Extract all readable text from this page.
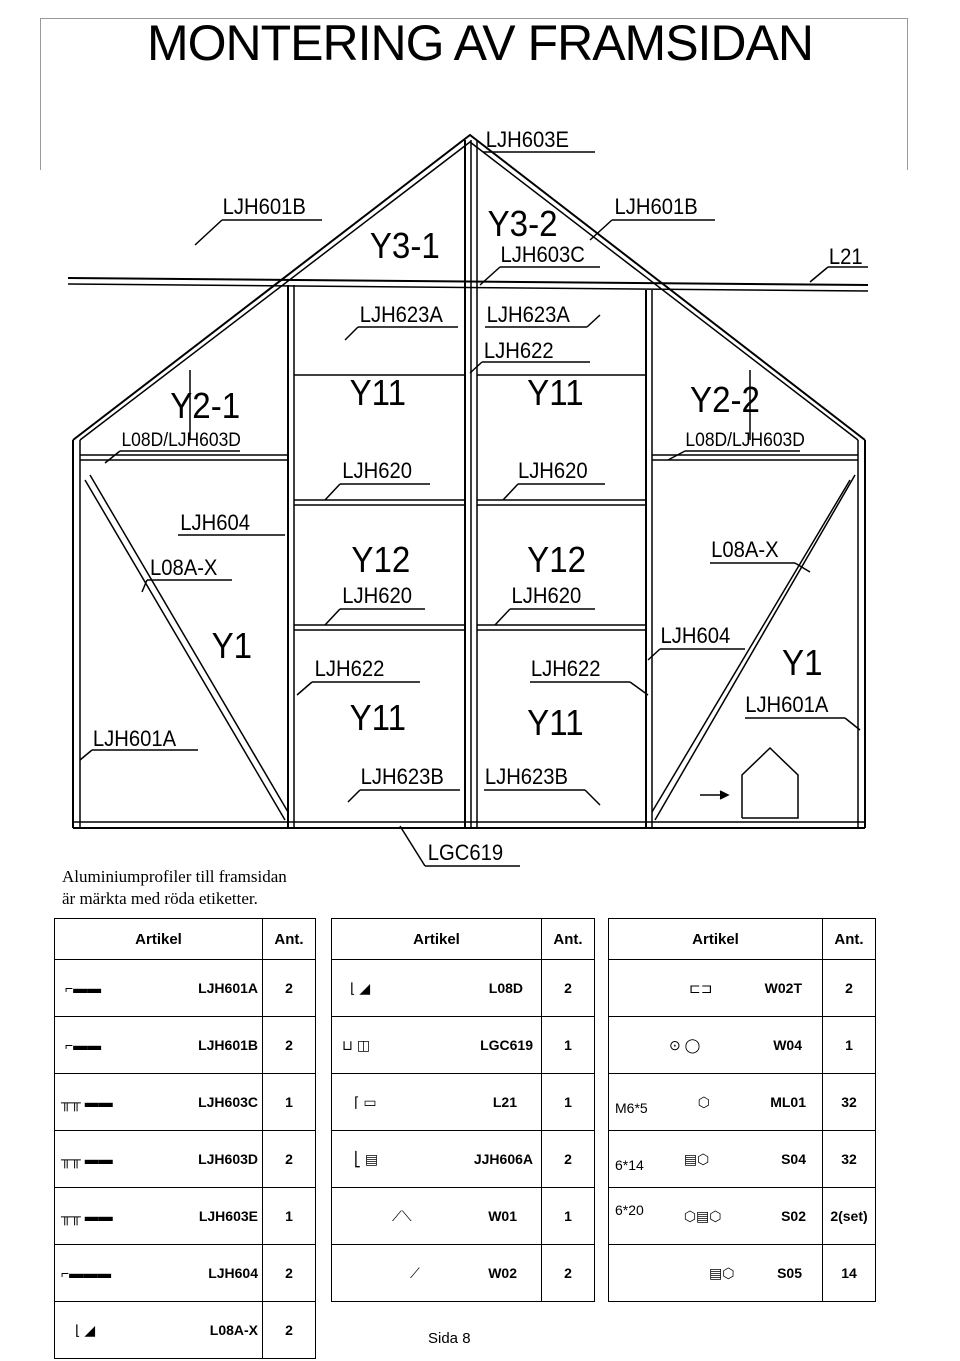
MONTERING AV FRAMSIDAN
LJH603E
LJH601B	LJH601B
LJH603C	L21
LJH623A LJH623A
LJH622
LJH620	LJH620
LJH604
L08A-X
L08A-X
LJH620	LJH620
LJH604
LJH622	LJH622
LJH601A
LJH601A
LJH623B LJH623B
LGC619
L08D/LJH603D	L08D/LJH603D
Y3-1
Y3-2
Y2-1	Y2-2
Y11	Y11
Y12	Y12
Y1	Y1
Y11	Y11
Aluminiumprofiler till framsidan
är märkta med röda etiketter.
Artikel	Ant.

⌐▬▬ LJH601A	2

⌐▬▬ LJH601B	2

╥╥ ▬▬ LJH603C	1

╥╥ ▬▬ LJH603D	2

╥╥ ▬▬ LJH603E	1

⌐▬▬▬ LJH604	2

⌊ ◢ L08A-X	2
Artikel	Ant.

⌊ ◢ L08D	2

⊔ ◫ LGC619	1

⌈ ▭ L21	1

⎣ ▤ JJH606A	2

⟋⟍ W01	1

⟋ W02	2
Artikel	Ant.

⊏⊐ W02T	2

⊙ ◯ W04	1

M6*5 ⬡ ML01	32

6*14 ▤⬡ S04	32

6*20 ⬡▤⬡ S02	2(set)

▤⬡ S05	14
Sida 8
